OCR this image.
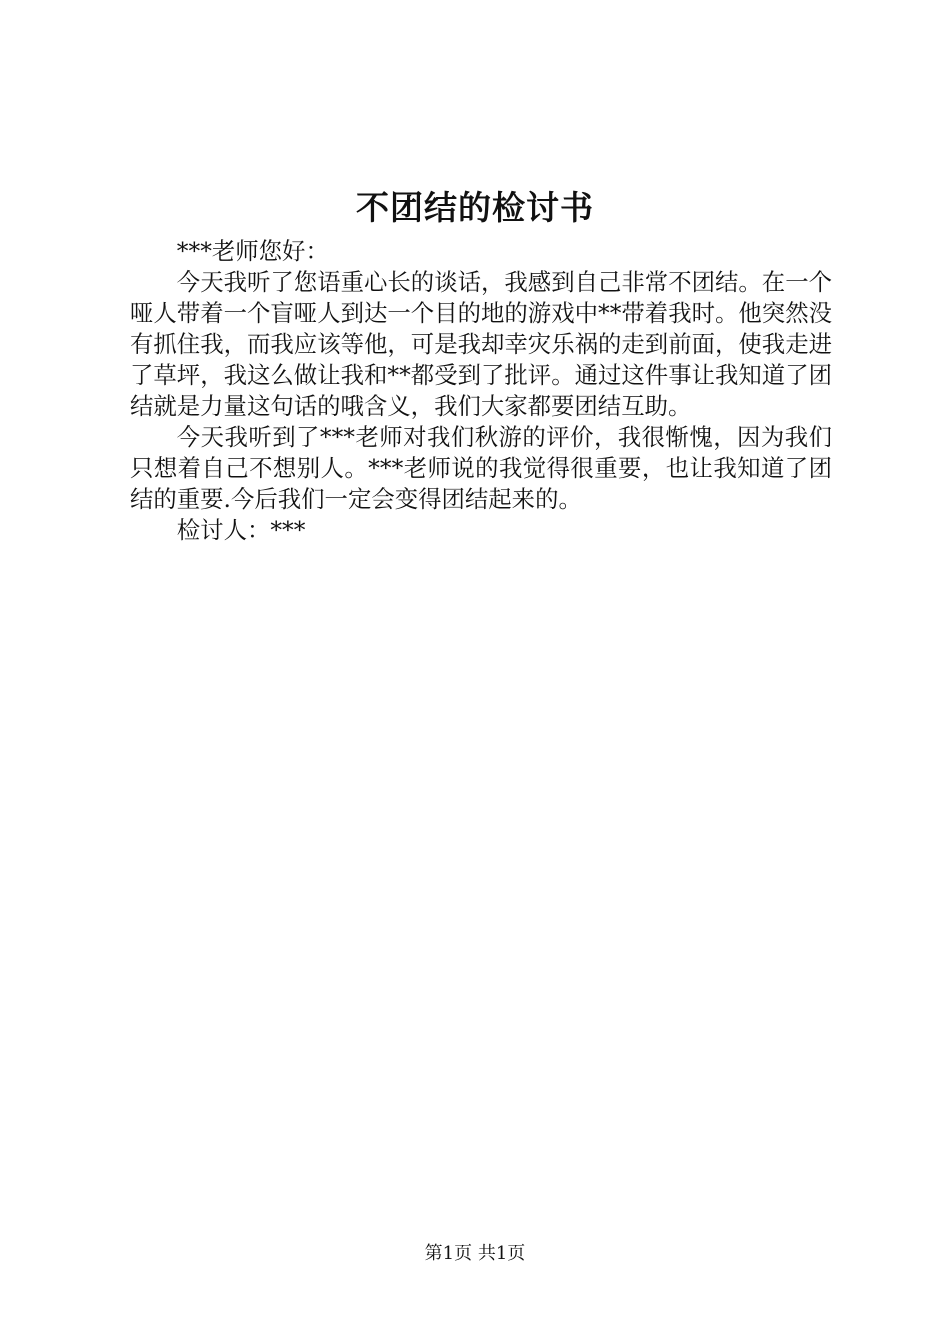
不团结的检讨书

***老师您好：

今天我听了您语重心长的谈话，我感到自己非常不团结。在一个哑人带着一个盲哑人到达一个目的地的游戏中**带着我时。他突然没有抓住我，而我应该等他，可是我却幸灾乐祸的走到前面，使我走进了草坪，我这么做让我和**都受到了批评。通过这件事让我知道了团结就是力量这句话的哦含义，我们大家都要团结互助。

今天我听到了***老师对我们秋游的评价，我很惭愧，因为我们只想着自己不想别人。***老师说的我觉得很重要，也让我知道了团结的重要.今后我们一定会变得团结起来的。

检讨人：***

第1页 共1页
